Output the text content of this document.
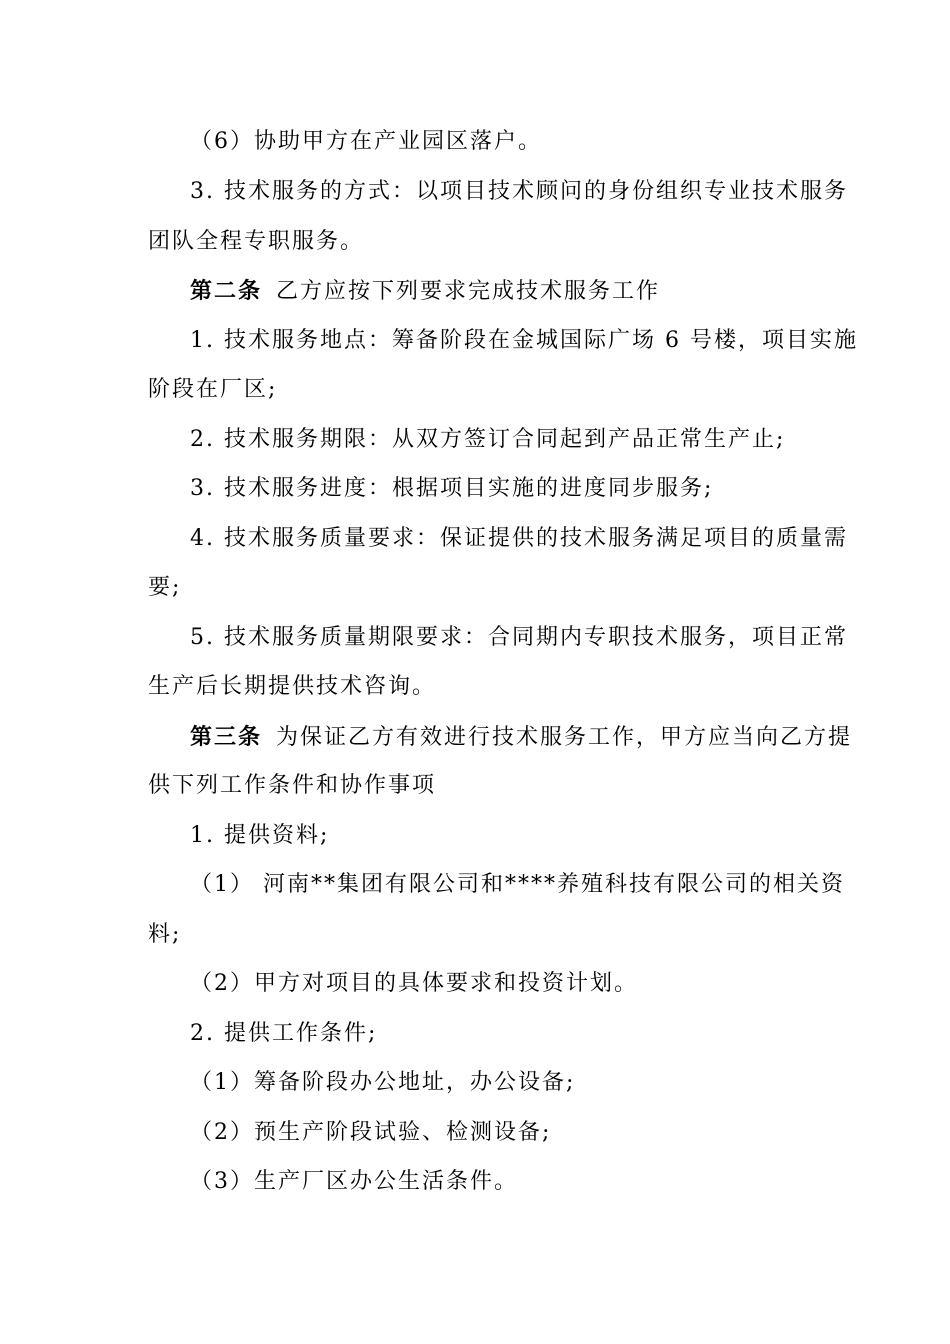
（6）协助甲方在产业园区落户。
3. 技术服务的方式：以项目技术顾问的身份组织专业技术服务
团队全程专职服务。
第二条 乙方应按下列要求完成技术服务工作
1. 技术服务地点：筹备阶段在金城国际广场 6 号楼，项目实施
阶段在厂区;
2. 技术服务期限：从双方签订合同起到产品正常生产止;
3. 技术服务进度：根据项目实施的进度同步服务;
4. 技术服务质量要求：保证提供的技术服务满足项目的质量需
要;
5. 技术服务质量期限要求：合同期内专职技术服务，项目正常
生产后长期提供技术咨询。
第三条 为保证乙方有效进行技术服务工作，甲方应当向乙方提
供下列工作条件和协作事项
1. 提供资料;
（1） 河南**集团有限公司和****养殖科技有限公司的相关资
料;
（2）甲方对项目的具体要求和投资计划。
2. 提供工作条件;
（1）筹备阶段办公地址，办公设备;
（2）预生产阶段试验、检测设备;
（3）生产厂区办公生活条件。
